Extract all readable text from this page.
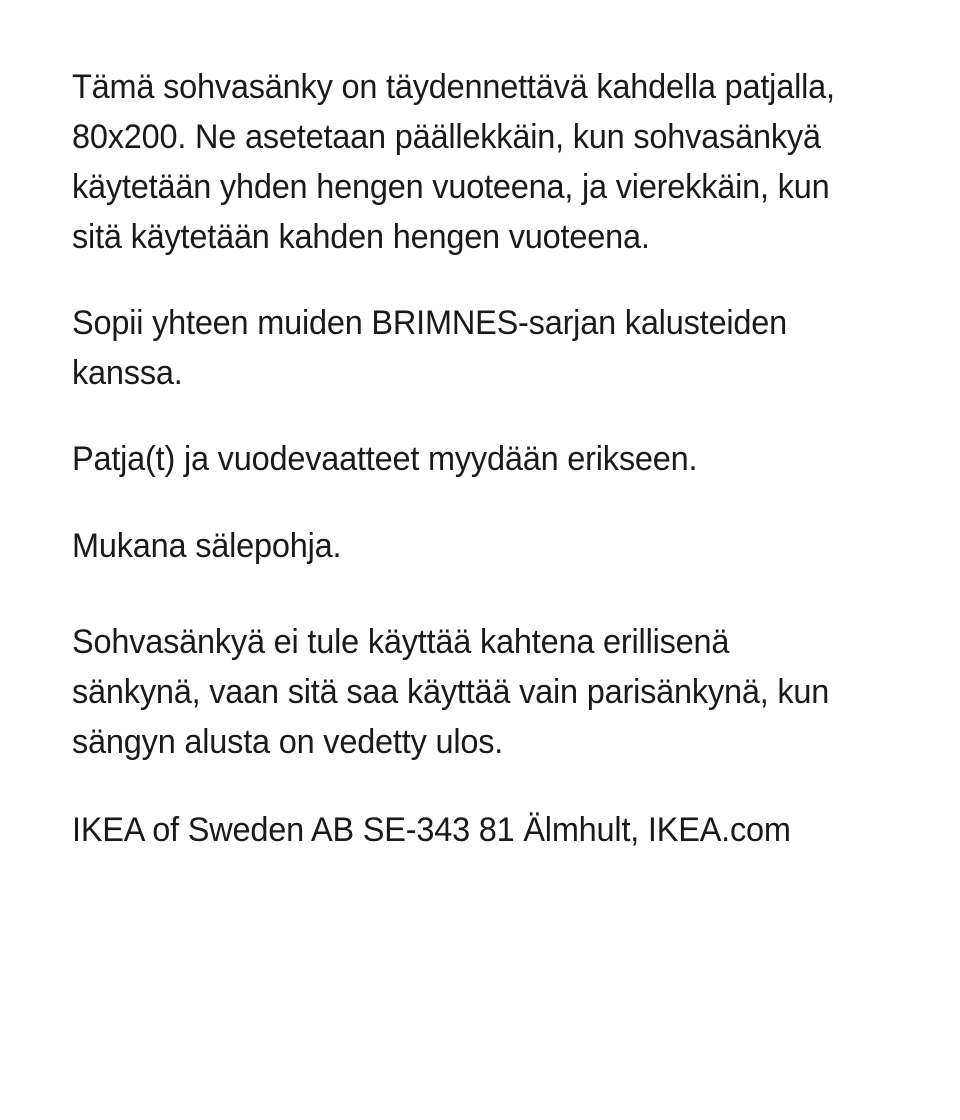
Tämä sohvasänky on täydennettävä kahdella patjalla, 80x200. Ne asetetaan päällekkäin, kun sohvasänkyä käytetään yhden hengen vuoteena, ja vierekkäin, kun sitä käytetään kahden hengen vuoteena.

Sopii yhteen muiden BRIMNES-sarjan kalusteiden kanssa.

Patja(t) ja vuodevaatteet myydään erikseen.

Mukana sälepohja.

Sohvasänkyä ei tule käyttää kahtena erillisenä sänkynä, vaan sitä saa käyttää vain parisänkynä, kun sängyn alusta on vedetty ulos.

IKEA of Sweden AB SE-343 81 Älmhult, IKEA.com
